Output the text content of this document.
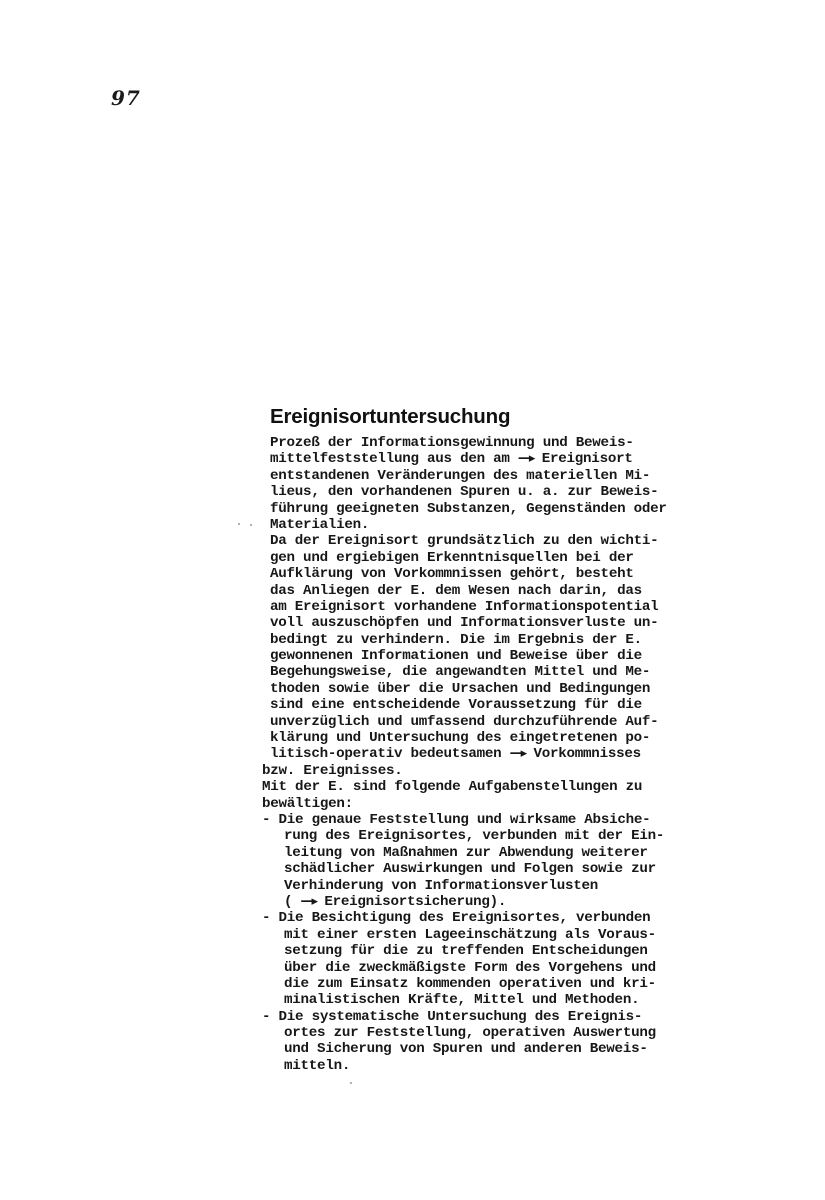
97
Ereignisortuntersuchung
Prozeß der Informationsgewinnung und Beweis-
mittelfeststellung aus den am —▸ Ereignisort
entstandenen Veränderungen des materiellen Mi-
lieus, den vorhandenen Spuren u. a. zur Beweis-
führung geeigneten Substanzen, Gegenständen oder
Materialien.
Da der Ereignisort grundsätzlich zu den wichti-
gen und ergiebigen Erkenntnisquellen bei der
Aufklärung von Vorkommnissen gehört, besteht
das Anliegen der E. dem Wesen nach darin, das
am Ereignisort vorhandene Informationspotential
voll auszuschöpfen und Informationsverluste un-
bedingt zu verhindern. Die im Ergebnis der E.
gewonnenen Informationen und Beweise über die
Begehungsweise, die angewandten Mittel und Me-
thoden sowie über die Ursachen und Bedingungen
sind eine entscheidende Voraussetzung für die
unverzüglich und umfassend durchzuführende Auf-
klärung und Untersuchung des eingetretenen po-
litisch-operativ bedeutsamen —▸ Vorkommnisses
bzw. Ereignisses.
Mit der E. sind folgende Aufgabenstellungen zu
bewältigen:
- Die genaue Feststellung und wirksame Absiche-
rung des Ereignisortes, verbunden mit der Ein-
leitung von Maßnahmen zur Abwendung weiterer
schädlicher Auswirkungen und Folgen sowie zur
Verhinderung von Informationsverlusten
( —▸ Ereignisortsicherung).
- Die Besichtigung des Ereignisortes, verbunden
mit einer ersten Lageeinschätzung als Voraus-
setzung für die zu treffenden Entscheidungen
über die zweckmäßigste Form des Vorgehens und
die zum Einsatz kommenden operativen und kri-
minalistischen Kräfte, Mittel und Methoden.
- Die systematische Untersuchung des Ereignis-
ortes zur Feststellung, operativen Auswertung
und Sicherung von Spuren und anderen Beweis-
mitteln.
